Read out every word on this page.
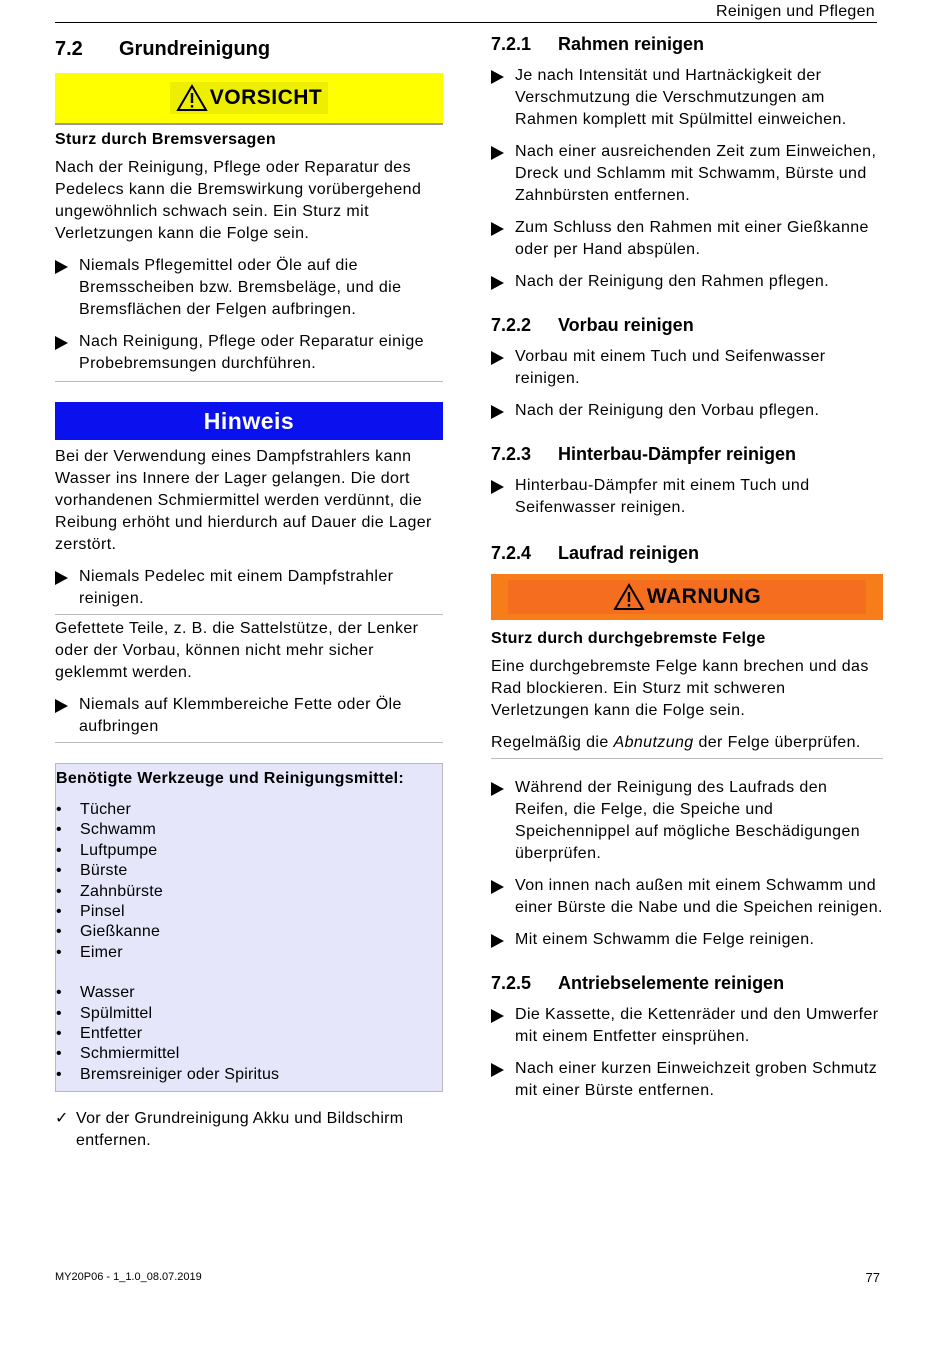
Reinigen und Pflegen
7.2	Grundreinigung
VORSICHT
Sturz durch Bremsversagen

Nach der Reinigung, Pflege oder Reparatur des Pedelecs kann die Bremswirkung vorübergehend ungewöhnlich schwach sein. Ein Sturz mit Verletzungen kann die Folge sein.

Niemals Pflegemittel oder Öle auf die Bremsscheiben bzw. Bremsbeläge, und die Bremsflächen der Felgen aufbringen.
Nach Reinigung, Pflege oder Reparatur einige Probebremsungen durchführen.
Hinweis

Bei der Verwendung eines Dampfstrahlers kann Wasser ins Innere der Lager gelangen. Die dort vorhandenen Schmiermittel werden verdünnt, die Reibung erhöht und hierdurch auf Dauer die Lager zerstört.

Niemals Pedelec mit einem Dampfstrahler reinigen.

Gefettete Teile, z. B. die Sattelstütze, der Lenker oder der Vorbau, können nicht mehr sicher geklemmt werden.

Niemals auf Klemmbereiche Fette oder Öle aufbringen
Benötigte Werkzeuge und Reinigungsmittel:
•	Tücher
•	Schwamm
•	Luftpumpe
•	Bürste
•	Zahnbürste
•	Pinsel
•	Gießkanne
•	Eimer
•	Wasser
•	Spülmittel
•	Entfetter
•	Schmiermittel
•	Bremsreiniger oder Spiritus
✓ Vor der Grundreinigung Akku und Bildschirm entfernen.
7.2.1	Rahmen reinigen
Je nach Intensität und Hartnäckigkeit der Verschmutzung die Verschmutzungen am Rahmen komplett mit Spülmittel einweichen.
Nach einer ausreichenden Zeit zum Einweichen, Dreck und Schlamm mit Schwamm, Bürste und Zahnbürsten entfernen.
Zum Schluss den Rahmen mit einer Gießkanne oder per Hand abspülen.
Nach der Reinigung den Rahmen pflegen.
7.2.2	Vorbau reinigen
Vorbau mit einem Tuch und Seifenwasser reinigen.
Nach der Reinigung den Vorbau pflegen.
7.2.3	Hinterbau-Dämpfer reinigen
Hinterbau-Dämpfer mit einem Tuch und Seifenwasser reinigen.
7.2.4	Laufrad reinigen
WARNUNG
Sturz durch durchgebremste Felge

Eine durchgebremste Felge kann brechen und das Rad blockieren. Ein Sturz mit schweren Verletzungen kann die Folge sein.

Regelmäßig die Abnutzung der Felge überprüfen.

Während der Reinigung des Laufrads den Reifen, die Felge, die Speiche und Speichennippel auf mögliche Beschädigungen überprüfen.
Von innen nach außen mit einem Schwamm und einer Bürste die Nabe und die Speichen reinigen.
Mit einem Schwamm die Felge reinigen.
7.2.5	Antriebselemente reinigen
Die Kassette, die Kettenräder und den Umwerfer mit einem Entfetter einsprühen.
Nach einer kurzen Einweichzeit groben Schmutz mit einer Bürste entfernen.
MY20P06 - 1_1.0_08.07.2019	77
